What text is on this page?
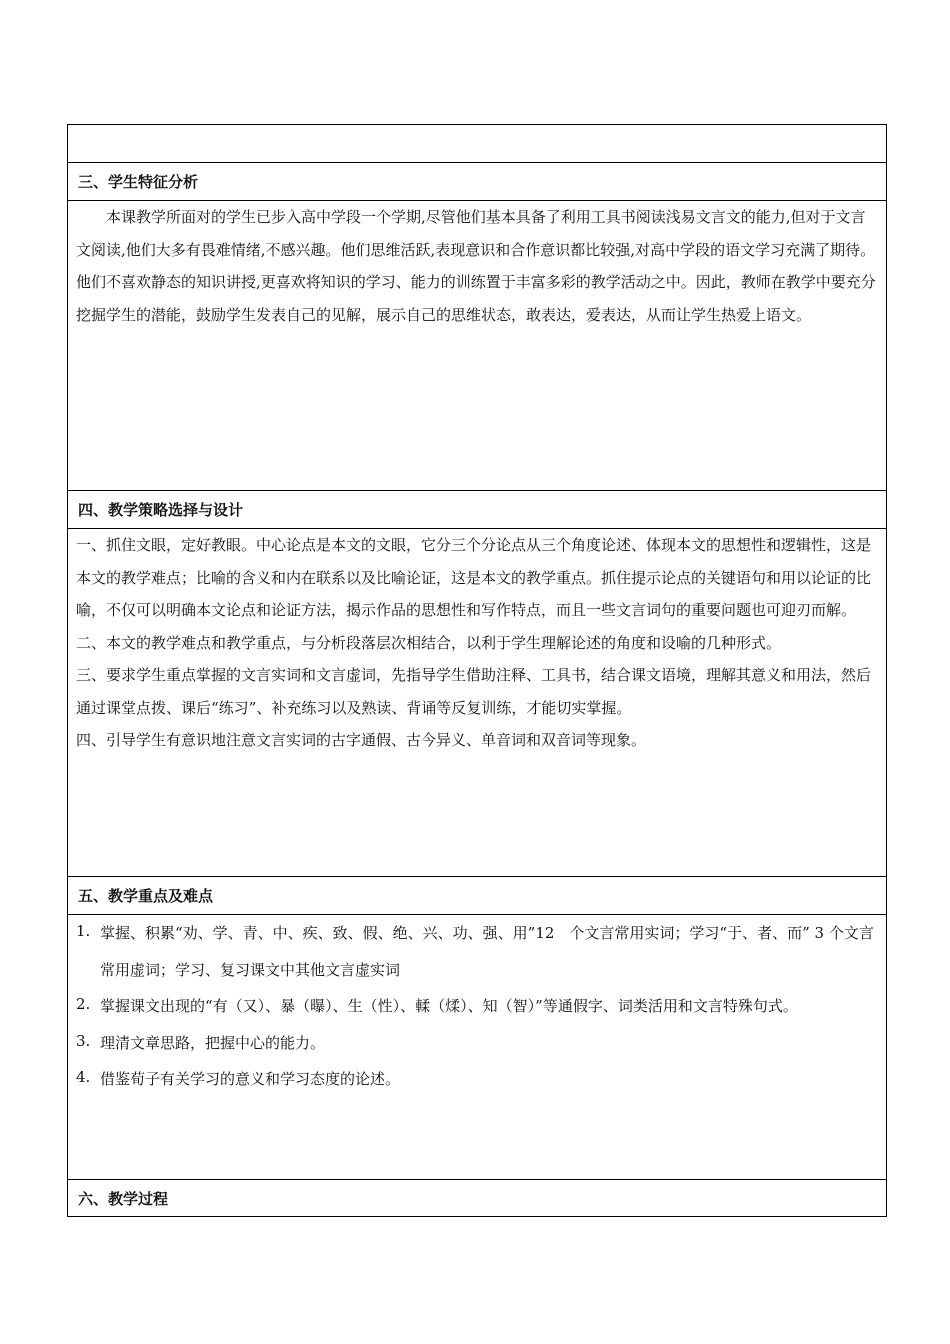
三、学生特征分析

本课教学所面对的学生已步入高中学段一个学期,尽管他们基本具备了利用工具书阅读浅易文言文的能力,但对于文言文阅读,他们大多有畏难情绪,不感兴趣。他们思维活跃,表现意识和合作意识都比较强,对高中学段的语文学习充满了期待。他们不喜欢静态的知识讲授,更喜欢将知识的学习、能力的训练置于丰富多彩的教学活动之中。因此，教师在教学中要充分挖掘学生的潜能，鼓励学生发表自己的见解，展示自己的思维状态，敢表达，爱表达，从而让学生热爱上语文。

四、教学策略选择与设计

一、抓住文眼，定好教眼。中心论点是本文的文眼，它分三个分论点从三个角度论述、体现本文的思想性和逻辑性，这是本文的教学难点；比喻的含义和内在联系以及比喻论证，这是本文的教学重点。抓住提示论点的关键语句和用以论证的比喻，不仅可以明确本文论点和论证方法，揭示作品的思想性和写作特点，而且一些文言词句的重要问题也可迎刃而解。

二、本文的教学难点和教学重点，与分析段落层次相结合，以利于学生理解论述的角度和设喻的几种形式。

三、要求学生重点掌握的文言实词和文言虚词，先指导学生借助注释、工具书，结合课文语境，理解其意义和用法，然后通过课堂点拨、课后“练习”、补充练习以及熟读、背诵等反复训练，才能切实掌握。

四、引导学生有意识地注意文言实词的古字通假、古今异义、单音词和双音词等现象。

五、教学重点及难点
1. 掌握、积累“劝、学、青、中、疾、致、假、绝、兴、功、强、用”12　个文言常用实词；学习“于、者、而” 3 个文言常用虚词；学习、复习课文中其他文言虚实词
2. 掌握课文出现的“有（又）、暴（曝）、生（性）、輮（煣）、知（智）”等通假字、词类活用和文言特殊句式。
3. 理清文章思路，把握中心的能力。
4. 借鉴荀子有关学习的意义和学习态度的论述。
六、教学过程
